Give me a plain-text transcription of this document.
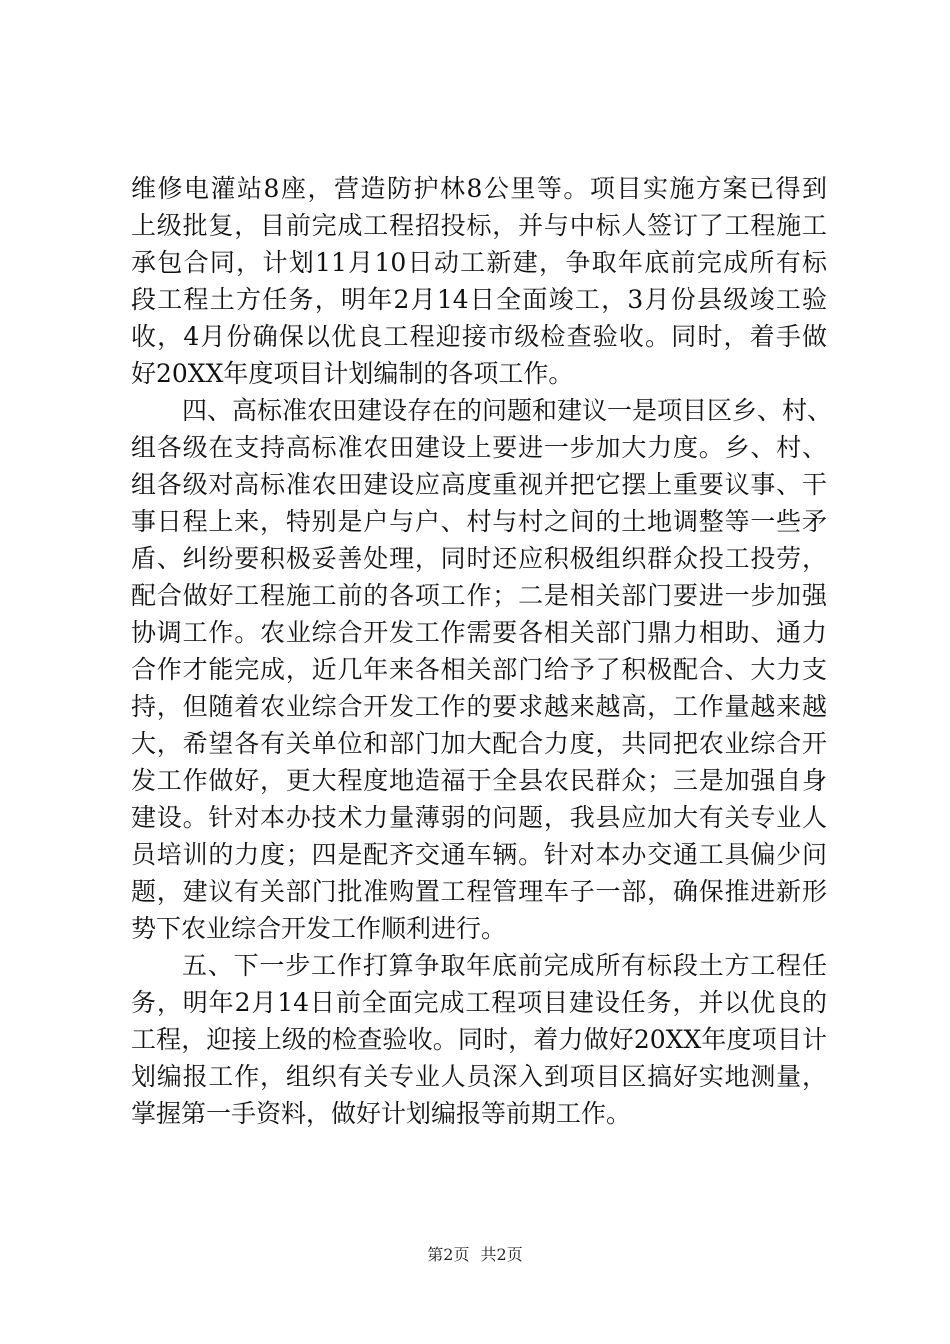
维修电灌站8座，营造防护林8公里等。项目实施方案已得到
上级批复，目前完成工程招投标，并与中标人签订了工程施工
承包合同，计划11月10日动工新建，争取年底前完成所有标
段工程土方任务，明年2月14日全面竣工，3月份县级竣工验
收，4月份确保以优良工程迎接市级检查验收。同时，着手做
好20XX年度项目计划编制的各项工作。
四、高标准农田建设存在的问题和建议一是项目区乡、村、
组各级在支持高标准农田建设上要进一步加大力度。乡、村、
组各级对高标准农田建设应高度重视并把它摆上重要议事、干
事日程上来，特别是户与户、村与村之间的土地调整等一些矛
盾、纠纷要积极妥善处理，同时还应积极组织群众投工投劳，
配合做好工程施工前的各项工作；二是相关部门要进一步加强
协调工作。农业综合开发工作需要各相关部门鼎力相助、通力
合作才能完成，近几年来各相关部门给予了积极配合、大力支
持，但随着农业综合开发工作的要求越来越高，工作量越来越
大，希望各有关单位和部门加大配合力度，共同把农业综合开
发工作做好，更大程度地造福于全县农民群众；三是加强自身
建设。针对本办技术力量薄弱的问题，我县应加大有关专业人
员培训的力度；四是配齐交通车辆。针对本办交通工具偏少问
题，建议有关部门批准购置工程管理车子一部，确保推进新形
势下农业综合开发工作顺利进行。
五、下一步工作打算争取年底前完成所有标段土方工程任
务，明年2月14日前全面完成工程项目建设任务，并以优良的
工程，迎接上级的检查验收。同时，着力做好20XX年度项目计
划编报工作，组织有关专业人员深入到项目区搞好实地测量，
掌握第一手资料，做好计划编报等前期工作。
第2页 共2页
